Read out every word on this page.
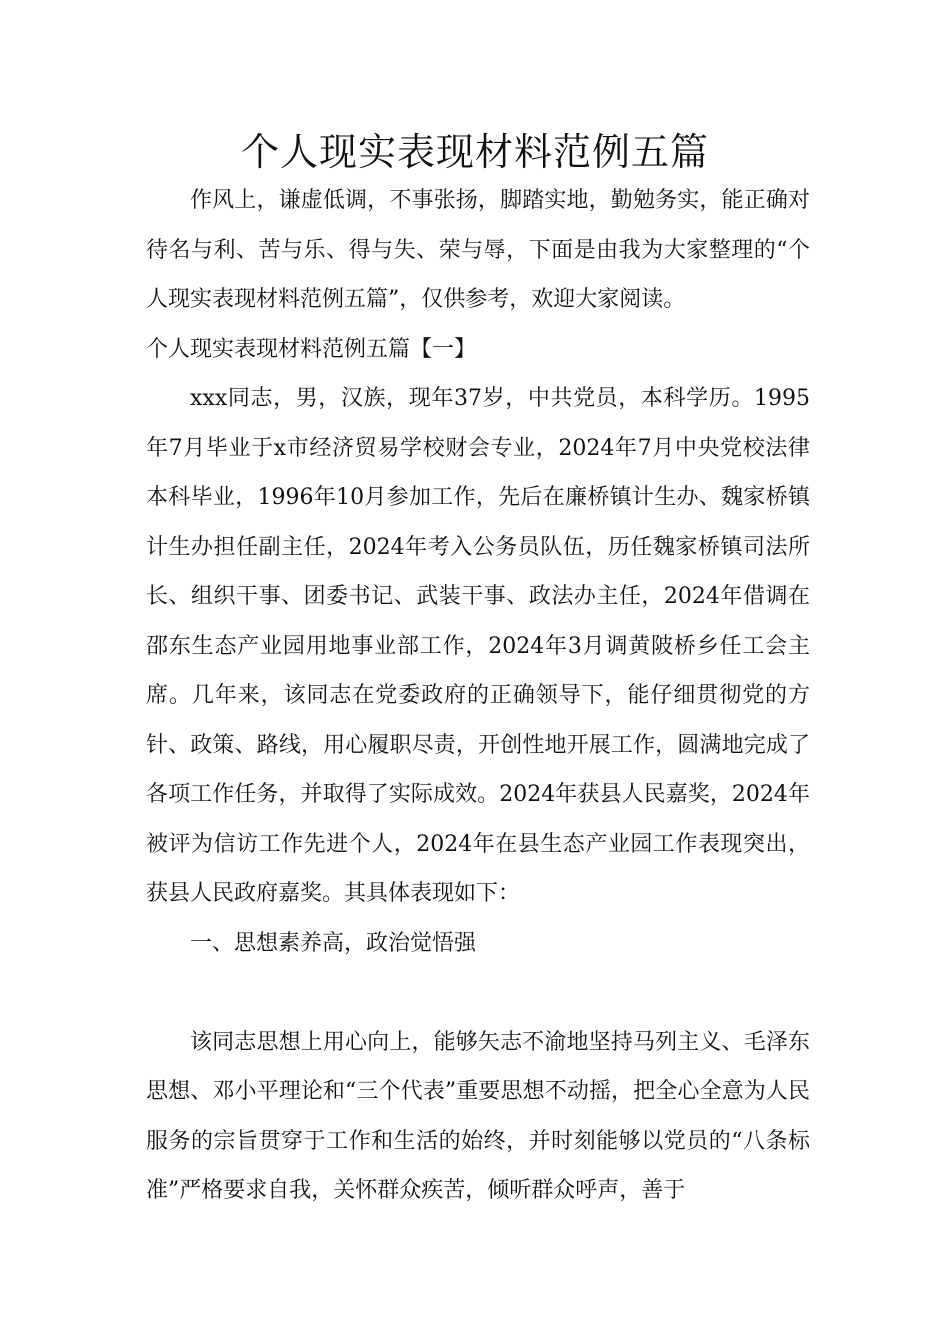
个人现实表现材料范例五篇

作风上，谦虚低调，不事张扬，脚踏实地，勤勉务实，能正确对待名与利、苦与乐、得与失、荣与辱，下面是由我为大家整理的“个人现实表现材料范例五篇”，仅供参考，欢迎大家阅读。

个人现实表现材料范例五篇【一】

xxx同志，男，汉族，现年37岁，中共党员，本科学历。1995年7月毕业于x市经济贸易学校财会专业，2024年7月中央党校法律本科毕业，1996年10月参加工作，先后在廉桥镇计生办、魏家桥镇计生办担任副主任，2024年考入公务员队伍，历任魏家桥镇司法所长、组织干事、团委书记、武装干事、政法办主任，2024年借调在邵东生态产业园用地事业部工作，2024年3月调黄陂桥乡任工会主席。几年来，该同志在党委政府的正确领导下，能仔细贯彻党的方针、政策、路线，用心履职尽责，开创性地开展工作，圆满地完成了各项工作任务，并取得了实际成效。2024年获县人民嘉奖，2024年被评为信访工作先进个人，2024年在县生态产业园工作表现突出，获县人民政府嘉奖。其具体表现如下：

一、思想素养高，政治觉悟强

该同志思想上用心向上，能够矢志不渝地坚持马列主义、毛泽东思想、邓小平理论和“三个代表”重要思想不动摇，把全心全意为人民服务的宗旨贯穿于工作和生活的始终，并时刻能够以党员的“八条标准”严格要求自我，关怀群众疾苦，倾听群众呼声，善于
